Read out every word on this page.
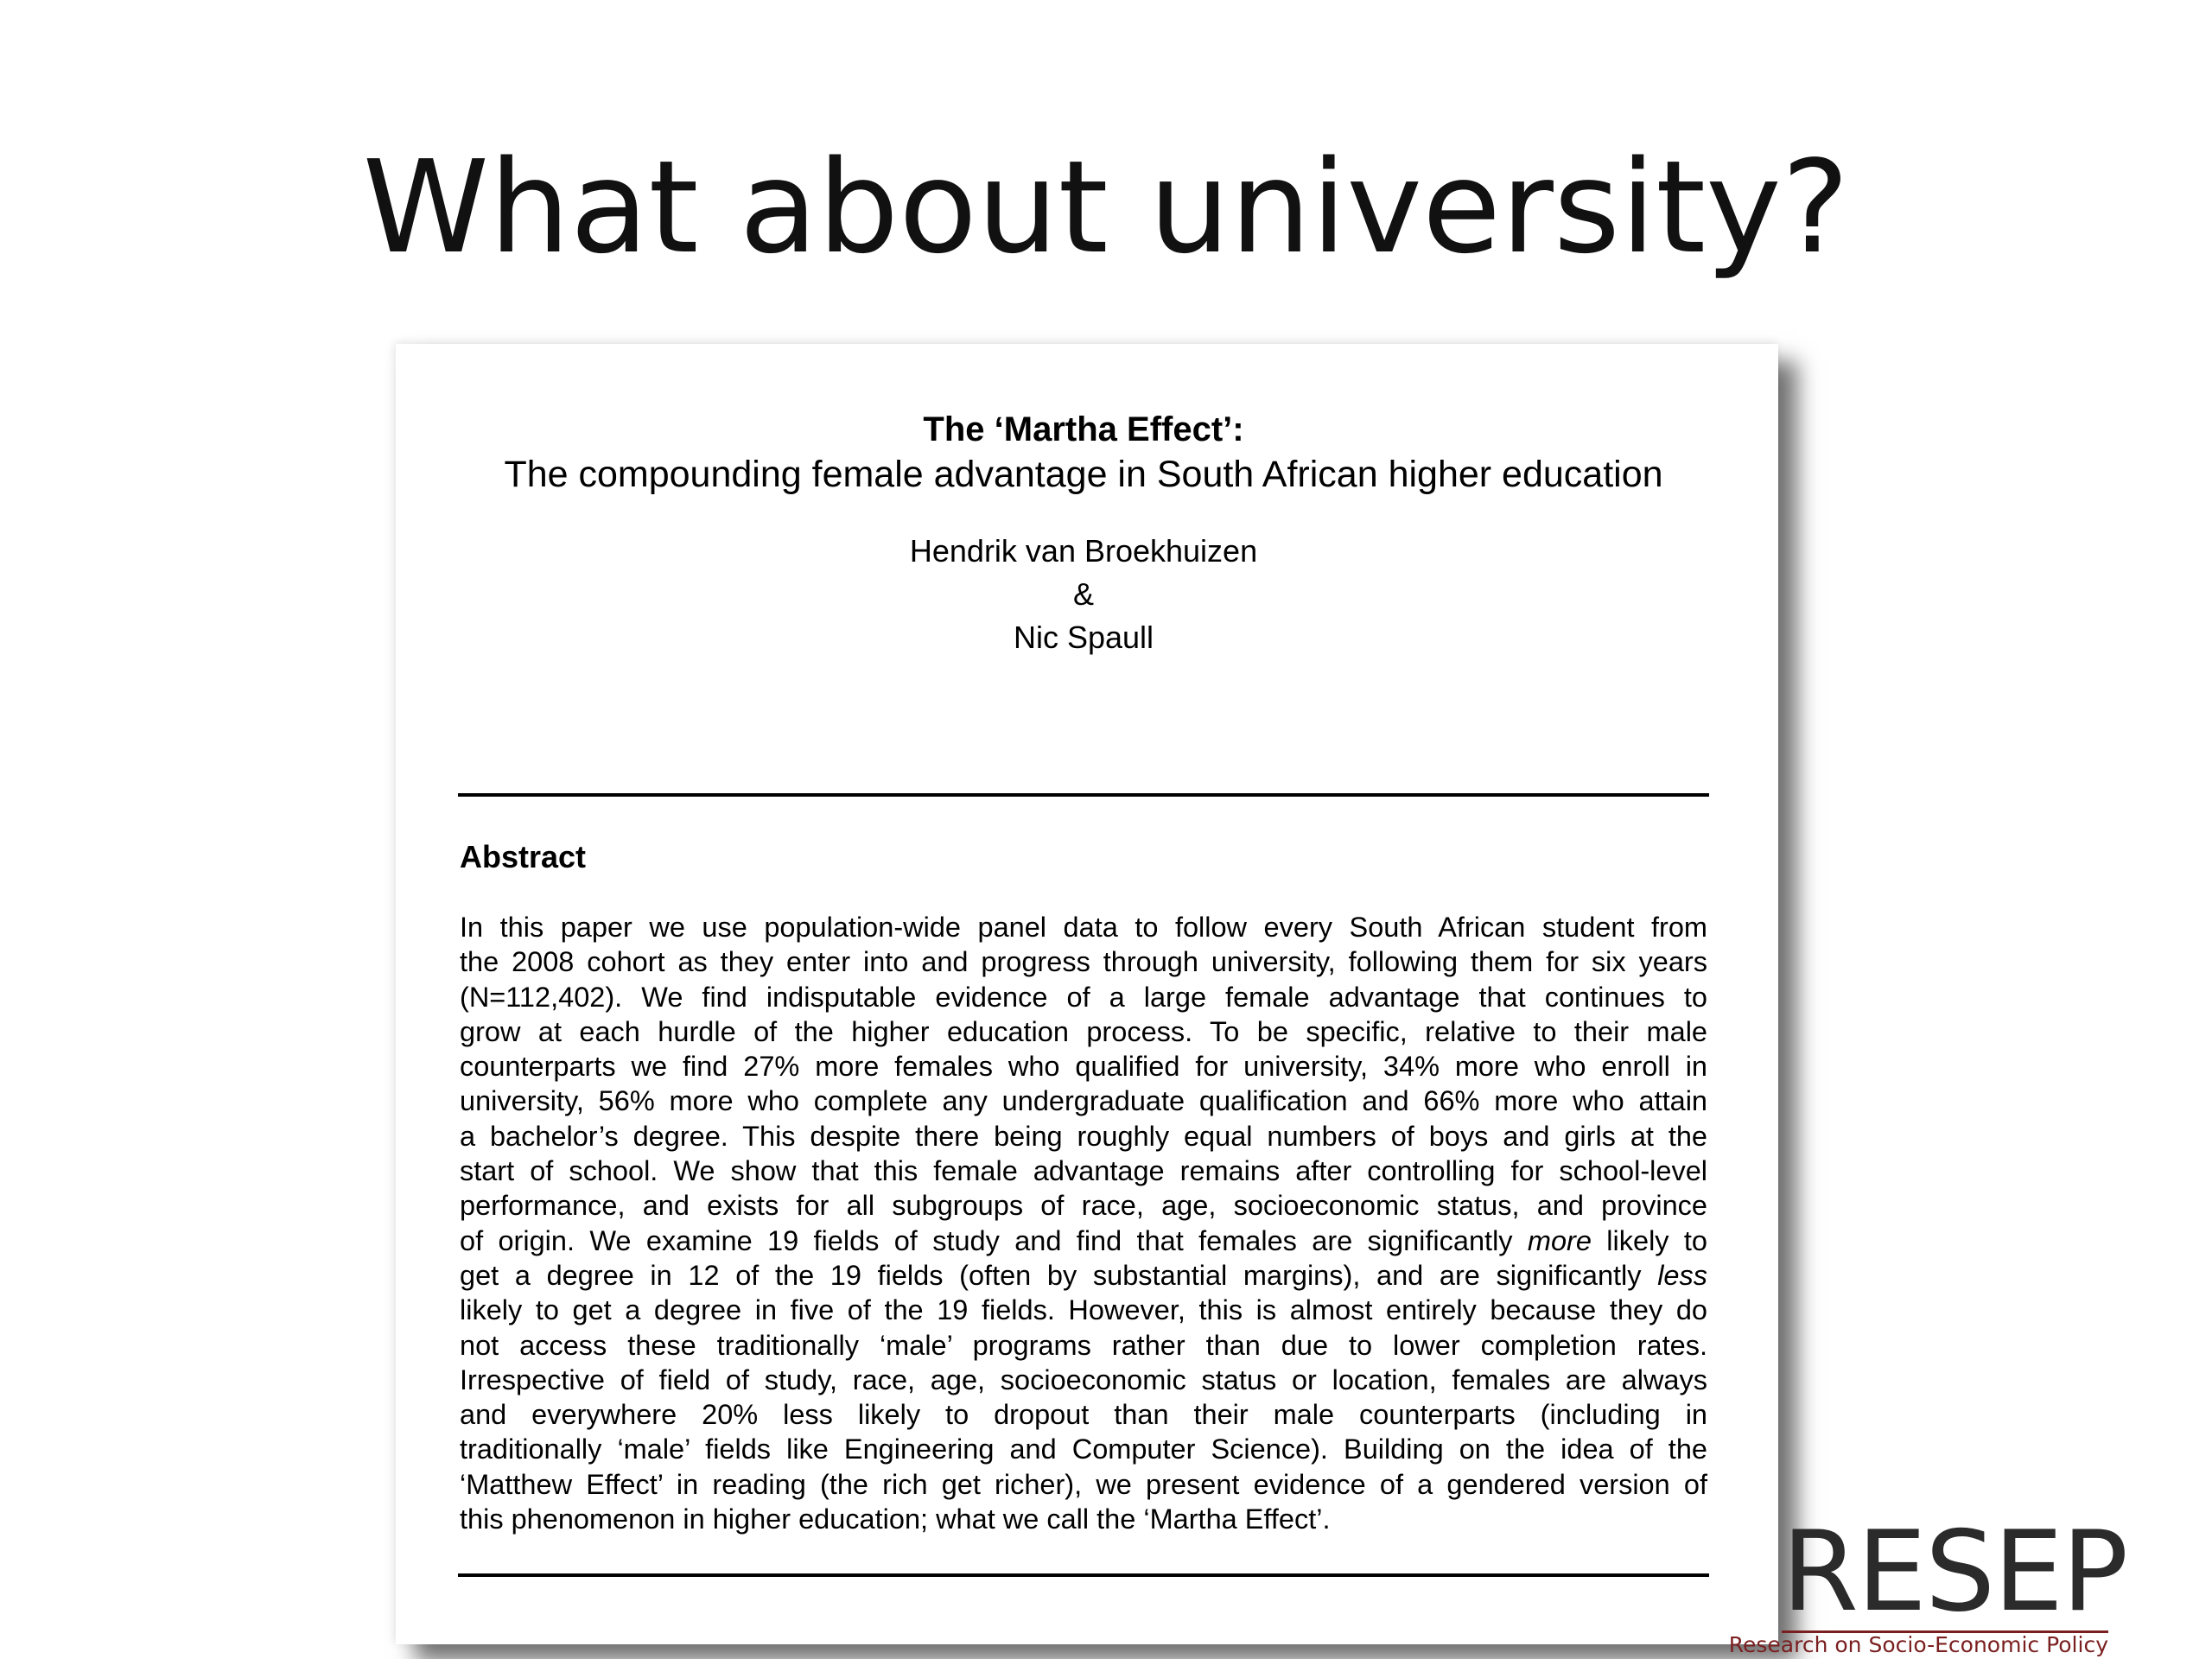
What about university?
The ‘Martha Effect’:
The compounding female advantage in South African higher education
Hendrik van Broekhuizen
&
Nic Spaull
Abstract
In this paper we use population-wide panel data to follow every South African student from
the 2008 cohort as they enter into and progress through university, following them for six years
(N=112,402). We find indisputable evidence of a large female advantage that continues to
grow at each hurdle of the higher education process. To be specific, relative to their male
counterparts we find 27% more females who qualified for university, 34% more who enroll in
university, 56% more who complete any undergraduate qualification and 66% more who attain
a bachelor’s degree. This despite there being roughly equal numbers of boys and girls at the
start of school. We show that this female advantage remains after controlling for school-level
performance, and exists for all subgroups of race, age, socioeconomic status, and province
of origin. We examine 19 fields of study and find that females are significantly more likely to
get a degree in 12 of the 19 fields (often by substantial margins), and are significantly less
likely to get a degree in five of the 19 fields. However, this is almost entirely because they do
not access these traditionally ‘male’ programs rather than due to lower completion rates.
Irrespective of field of study, race, age, socioeconomic status or location, females are always
and everywhere 20% less likely to dropout than their male counterparts (including in
traditionally ‘male’ fields like Engineering and Computer Science). Building on the idea of the
‘Matthew Effect’ in reading (the rich get richer), we present evidence of a gendered version of
this phenomenon in higher education; what we call the ‘Martha Effect’.	RESEP
Research on Socio-Economic Policy
